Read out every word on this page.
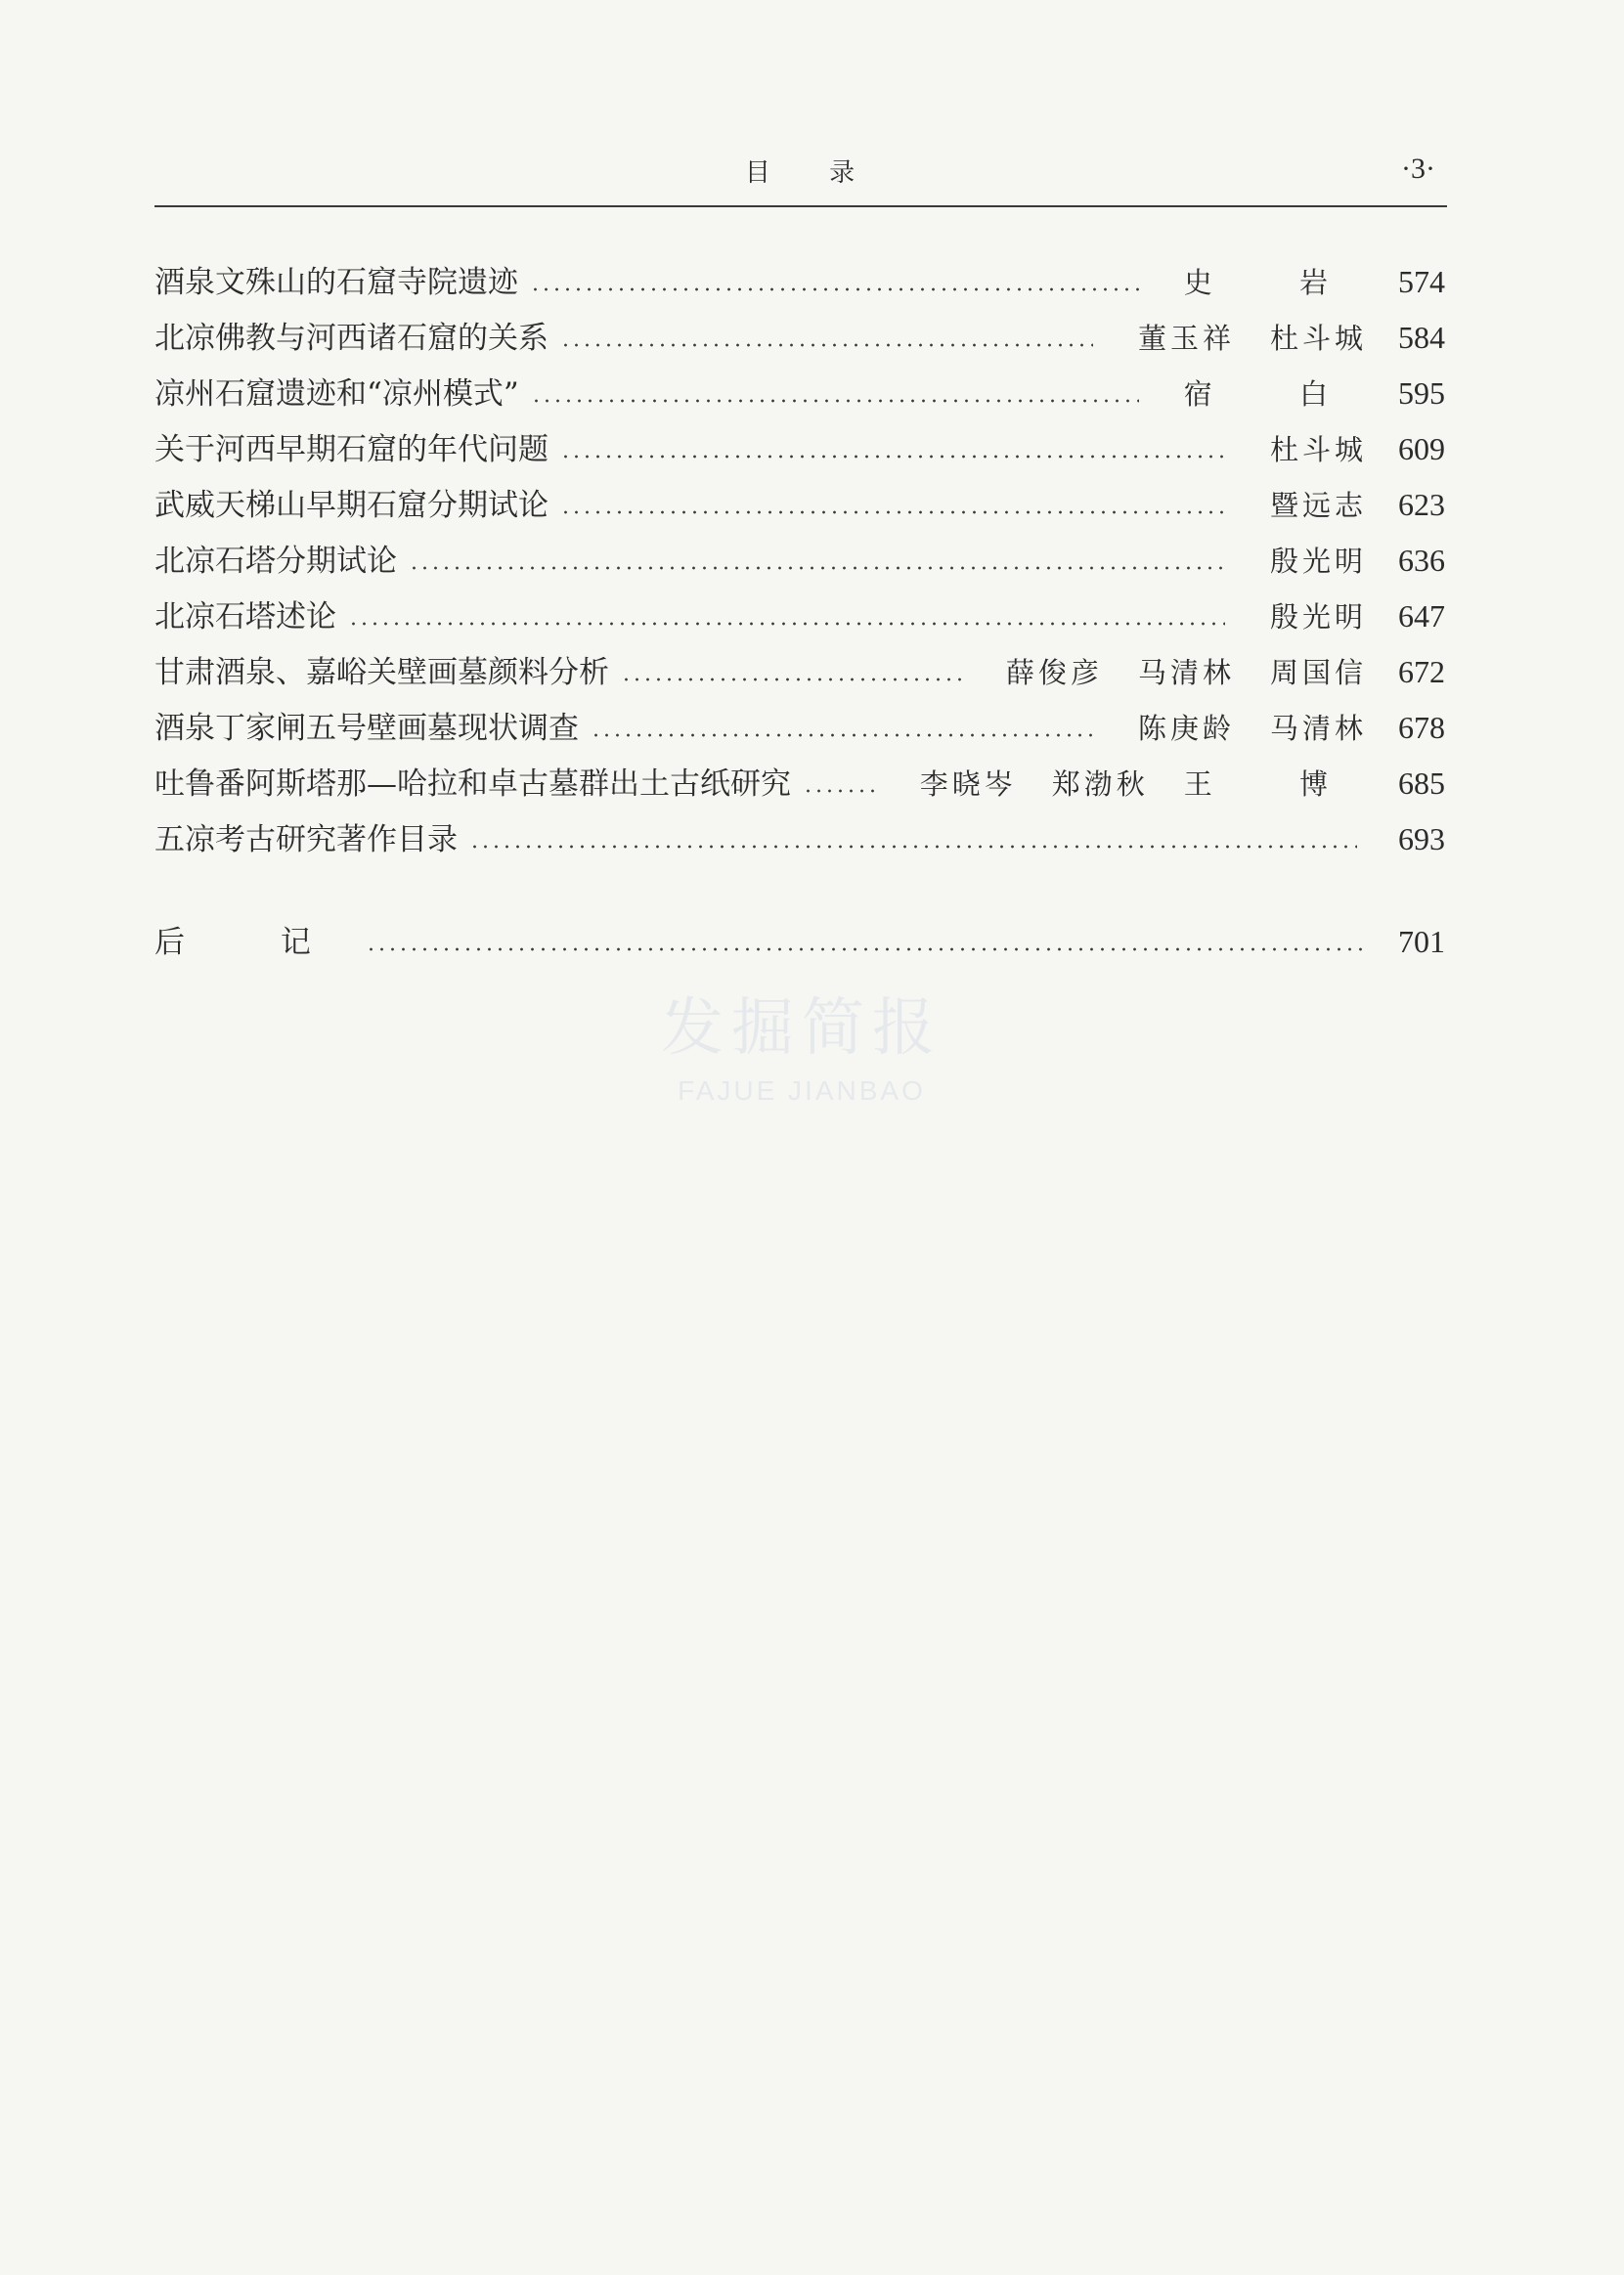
目 录	·3·
酒泉文殊山的石窟寺院遗迹	史 岩	574
北凉佛教与河西诸石窟的关系	董玉祥 杜斗城	584
凉州石窟遗迹和“凉州模式”	宿 白	595
关于河西早期石窟的年代问题	杜斗城	609
武威天梯山早期石窟分期试论	暨远志	623
北凉石塔分期试论	殷光明	636
北凉石塔述论	殷光明	647
甘肃酒泉、嘉峪关壁画墓颜料分析	薛俊彦 马清林 周国信	672
酒泉丁家闸五号壁画墓现状调查	陈庚龄 马清林	678
吐鲁番阿斯塔那—哈拉和卓古墓群出土古纸研究	李晓岑 郑渤秋 王 博	685
五凉考古研究著作目录	693
后 记	701
发掘简报
FAJUE JIANBAO
